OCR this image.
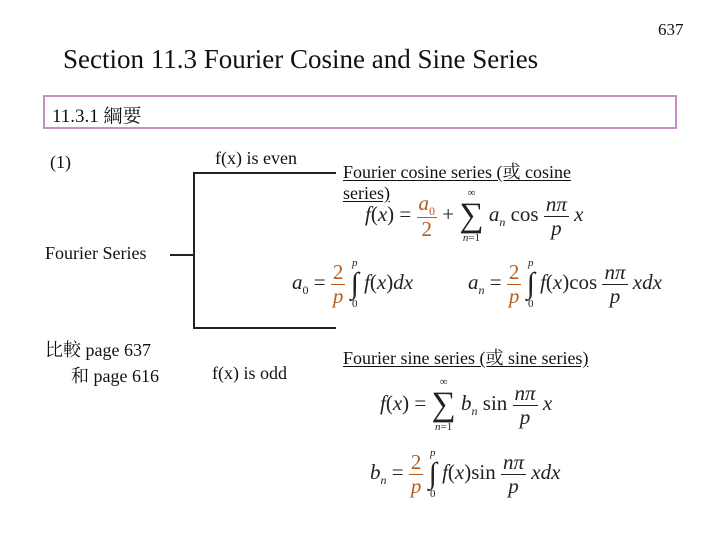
637
Section 11.3 Fourier Cosine and Sine Series
11.3.1 綱要
(1)
Fourier Series
比較 page 637
和 page 616
f(x) is even
Fourier cosine series (或 cosine
series)
$f(x) = \frac{a_0}{2}$ +
∞
∑
n=1
$a_n$ $\cos \frac{n\pi}{p}$ x
$a_0 = \frac{2}{p}$
p
∫
0
f(x)dx	$a_n = \frac{2}{p}$
p
∫
0
$f(x)\cos \frac{n\pi}{p}$ xdx
f(x) is odd
Fourier sine series (或 sine series)
f(x) =
∞
∑
n=1
$b_n$ $\sin \frac{n\pi}{p}$ x
$b_n = \frac{2}{p}$
p
∫
0
$f(x)\sin \frac{n\pi}{p}$ xdx
